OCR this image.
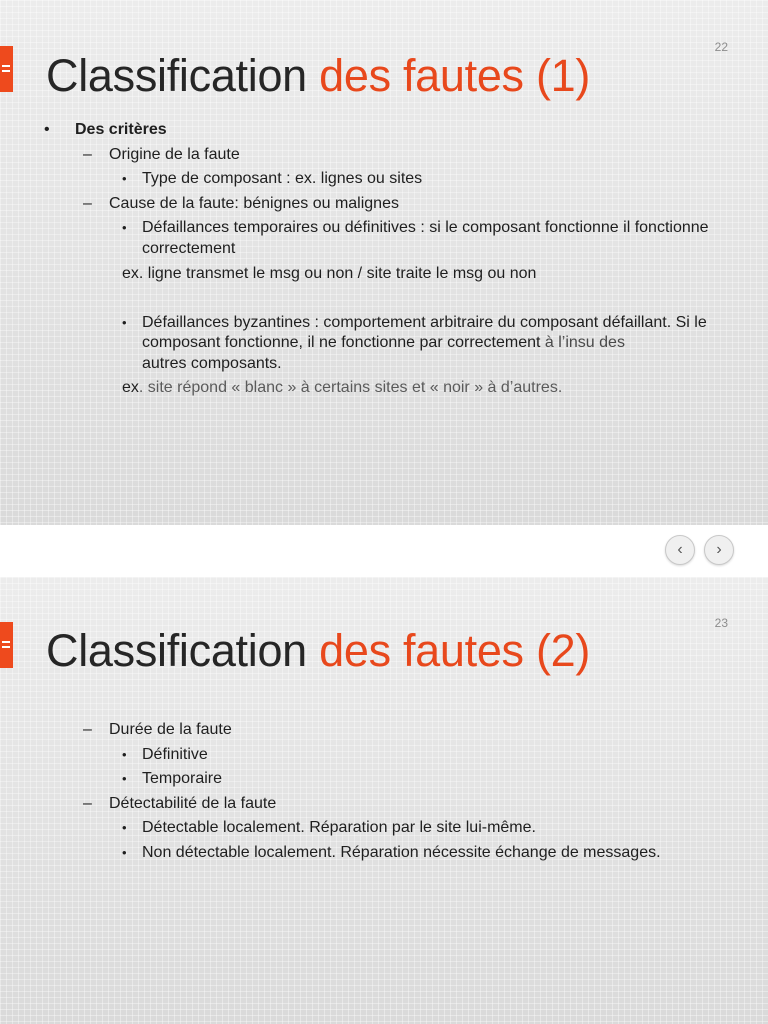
22
Classification des fautes (1)
• Des critères
– Origine de la faute
• Type de composant : ex. lignes ou sites
– Cause de la faute: bénignes ou malignes
• Défaillances temporaires ou définitives : si le composant fonctionne il fonctionne correctement
ex. ligne transmet le msg ou non / site traite le msg ou non
• Défaillances byzantines : comportement arbitraire du composant défaillant. Si le composant fonctionne, il ne fonctionne par correctement à l’insu des
autres composants.
ex. site répond « blanc » à certains sites et « noir » à d’autres.
‹ ›
23
Classification des fautes (2)
– Durée de la faute
• Définitive
• Temporaire
– Détectabilité de la faute
• Détectable localement. Réparation par le site lui-même.
• Non détectable localement. Réparation nécessite échange de messages.
